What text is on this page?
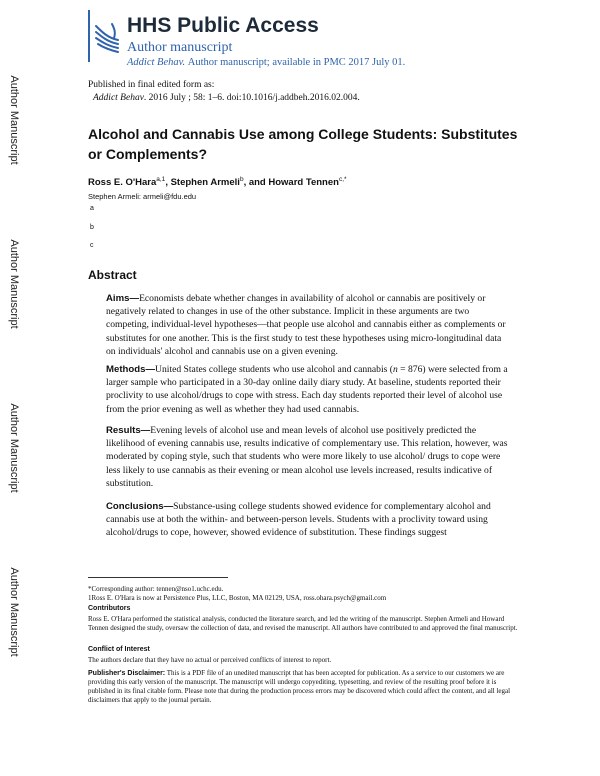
Author Manuscript
Author Manuscript
Author Manuscript
Author Manuscript
HHS Public Access
Author manuscript
Addict Behav. Author manuscript; available in PMC 2017 July 01.
Published in final edited form as:
Addict Behav. 2016 July ; 58: 1–6. doi:10.1016/j.addbeh.2016.02.004.
Alcohol and Cannabis Use among College Students: Substitutes or Complements?
Ross E. O'Hara$^{a,1}$, Stephen Armeli$^b$, and Howard Tennen$^{c,*}$
Stephen Armeli: armeli@fdu.edu
a
b
c
Abstract
Aims—Economists debate whether changes in availability of alcohol or cannabis are positively or negatively related to changes in use of the other substance. Implicit in these arguments are two competing, individual-level hypotheses—that people use alcohol and cannabis either as complements or substitutes for one another. This is the first study to test these hypotheses using micro-longitudinal data on individuals' alcohol and cannabis use on a given evening.
Methods—United States college students who use alcohol and cannabis (n = 876) were selected from a larger sample who participated in a 30-day online daily diary study. At baseline, students reported their proclivity to use alcohol/drugs to cope with stress. Each day students reported their level of alcohol use from the prior evening as well as whether they had used cannabis.
Results—Evening levels of alcohol use and mean levels of alcohol use positively predicted the likelihood of evening cannabis use, results indicative of complementary use. This relation, however, was moderated by coping style, such that students who were more likely to use alcohol/ drugs to cope were less likely to use cannabis as their evening or mean alcohol use levels increased, results indicative of substitution.
Conclusions—Substance-using college students showed evidence for complementary alcohol and cannabis use at both the within- and between-person levels. Students with a proclivity toward using alcohol/drugs to cope, however, showed evidence of substitution. These findings suggest
*Corresponding author: tennen@nso1.uchc.edu.
1Ross E. O'Hara is now at Persistence Plus, LLC, Boston, MA 02129, USA, ross.ohara.psych@gmail.com
Contributors
Ross E. O'Hara performed the statistical analysis, conducted the literature search, and led the writing of the manuscript. Stephen Armeli and Howard Tennen designed the study, oversaw the collection of data, and revised the manuscript. All authors have contributed to and approved the final manuscript.
Conflict of Interest
The authors declare that they have no actual or perceived conflicts of interest to report.
Publisher's Disclaimer: This is a PDF file of an unedited manuscript that has been accepted for publication. As a service to our customers we are providing this early version of the manuscript. The manuscript will undergo copyediting, typesetting, and review of the resulting proof before it is published in its final citable form. Please note that during the production process errors may be discovered which could affect the content, and all legal disclaimers that apply to the journal pertain.
